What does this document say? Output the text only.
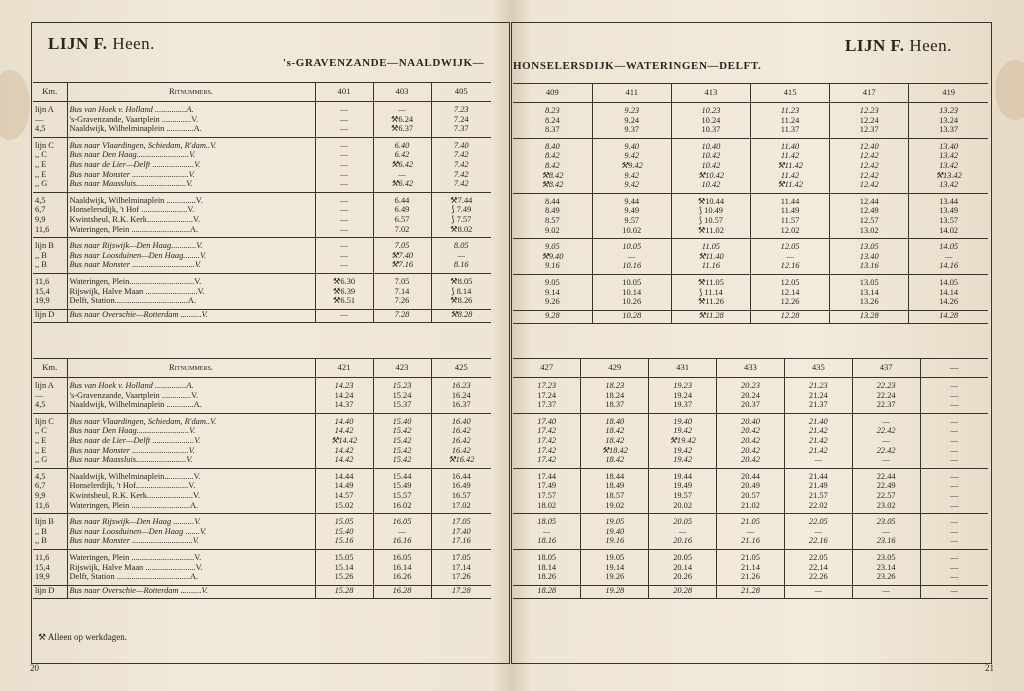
LIJN F. Heen.	LIJN F. Heen.
's-GRAVENZANDE—NAALDWIJK—	HONSELERSDIJK—WATERINGEN—DELFT.
Km.	Ritnummers.	401	403	405
lijn A	Bus van Hoek v. Holland ...............A.	—	—	7.23
—	's-Gravenzande, Vaartplein ..............V.	—	⚒6.24	7.24
4,5	Naaldwijk, Wilhelminaplein .............A.	—	⚒6.37	7.37
lijn C	Bus naar Vlaardingen, Schiedam, R'dam..V.	—	6.40	7.40
,, C	Bus naar Den Haag.........................V.	—	6.42	7.42
,, E	Bus naar de Lier—Delft ....................V.	—	⚒6.42	7.42
,, E	Bus naar Monster ...........................V.	—	—	7.42
,, G	Bus naar Maassluis........................V.	—	⚒6.42	7.42
4,5	Naaldwijk, Wilhelminaplein ..............V.	—	6.44	⚒7.44
6,7	Honselersdijk, 't Hof ......................V.	—	6.49	⟆ 7.49
9,9	Kwintsheul, R.K. Kerk......................V.	—	6.57	⟆ 7.57
11,6	Wateringen, Plein ............................A.	—	7.02	⚒8.02
lijn B	Bus naar Rijswijk—Den Haag............V.	—	7.05	8.05
,, B	Bus naar Loosduinen—Den Haag........V.	—	⚒7.40	—
,, B	Bus naar Monster ..............................V.	—	⚒7.16	8.16
11,6	Wateringen, Plein...............................V.	⚒6.30	7.05	⚒8.05
15,4	Rijswijk, Halve Maan .........................V.	⚒6.39	7.14	⟆ 8.14
19,9	Delft, Station...................................A.	⚒6.51	7.26	⚒8.26
lijn D	Bus naar Overschie—Rotterdam ..........V.	—	7.28	⚒8.28
409	411	413	415	417	419
8.23	9.23	10.23	11.23	12.23	13.23
8.24	9.24	10.24	11.24	12.24	13.24
8.37	9.37	10.37	11.37	12.37	13.37
8.40	9.40	10.40	11.40	12.40	13.40
8.42	9.42	10.42	11.42	12.42	13.42
8.42	⚒9.42	10.42	⚒11.42	12.42	13.42
⚒8.42	9.42	⚒10.42	11.42	12.42	⚒13.42
⚒8.42	9.42	10.42	⚒11.42	12.42	13.42
8.44	9.44	⚒10.44	11.44	12.44	13.44
8.49	9.49	⟆ 10.49	11.49	12.49	13.49
8.57	9.57	⟆ 10.57	11.57	12.57	13.57
9.02	10.02	⚒11.02	12.02	13.02	14.02
9.05	10.05	11.05	12.05	13.05	14.05
⚒9.40	—	⚒11.40	—	13.40	—
9.16	10.16	11.16	12.16	13.16	14.16
9.05	10.05	⚒11.05	12.05	13.05	14.05
9.14	10.14	⟆ 11.14	12.14	13.14	14.14
9.26	10.26	⚒11.26	12.26	13.26	14.26
9.28	10.28	⚒11.28	12.28	13.28	14.28
Km.	Ritnummers.	421	423	425
lijn A	Bus van Hoek v. Holland ...............A.	14.23	15.23	16.23
—	's-Gravenzande, Vaartplein ..............V.	14.24	15.24	16.24
4,5	Naaldwijk, Wilhelminaplein .............A.	14.37	15.37	16.37
lijn C	Bus naar Vlaardingen, Schiedam, R'dam..V.	14.40	15.40	16.40
,, C	Bus naar Den Haag.........................V.	14.42	15.42	16.42
,, E	Bus naar de Lier—Delft ....................V.	⚒14.42	15.42	16.42
,, E	Bus naar Monster ...........................V.	14.42	15.42	16.42
,, G	Bus naar Maassluis........................V.	14.42	15.42	⚒16.42
4,5	Naaldwijk, Wilhelminaplein..............V.	14.44	15.44	16.44
6,7	Honselerdijk, 't Hof.........................V.	14.49	15.49	16.49
9,9	Kwintsheul, R.K. Kerk......................V.	14.57	15.57	16.57
11,6	Wateringen, Plein ............................A.	15.02	16.02	17.02
lijn B	Bus naar Rijswijk—Den Haag ..........V.	15.05	16.05	17.05
,, B	Bus naar Loosduinen—Den Haag .......V.	15.40	—	17.40
,, B	Bus naar Monster .............................V.	15.16	16.16	17.16
11,6	Wateringen, Plein ..............................V.	15.05	16.05	17.05
15,4	Rijswijk, Halve Maan ........................V.	15.14	16.14	17.14
19,9	Delft, Station ...................................A.	15.26	16.26	17.26
lijn D	Bus naar Overschie—Rotterdam ..........V.	15.28	16.28	17.28
427	429	431	433	435	437	—
17.23	18.23	19.23	20.23	21.23	22.23	—
17.24	18.24	19.24	20.24	21.24	22.24	—
17.37	18.37	19.37	20.37	21.37	22.37	—
17.40	18.40	19.40	20.40	21.40	—	—
17.42	18.42	19.42	20.42	21.42	22.42	—
17.42	18.42	⚒19.42	20.42	21.42	—	—
17.42	⚒18.42	19.42	20.42	21.42	22.42	—
17.42	18.42	19.42	20.42	—	—	—
17.44	18.44	19.44	20.44	21.44	22.44	—
17.49	18.49	19.49	20.49	21.49	22.49	—
17.57	18.57	19.57	20.57	21.57	22.57	—
18.02	19.02	20.02	21.02	22.02	23.02	—
18.05	19.05	20.05	21.05	22.05	23.05	—
—	19.40	—	—	—	—	—
18.16	19.16	20.16	21.16	22.16	23.16	—
18.05	19.05	20.05	21.05	22.05	23.05	—
18.14	19.14	20.14	21.14	22.14	23.14	—
18.26	19.26	20.26	21.26	22.26	23.26	—
18.28	19.28	20.28	21.28	—	—	—
⚒ Alleen op werkdagen.
20	21
